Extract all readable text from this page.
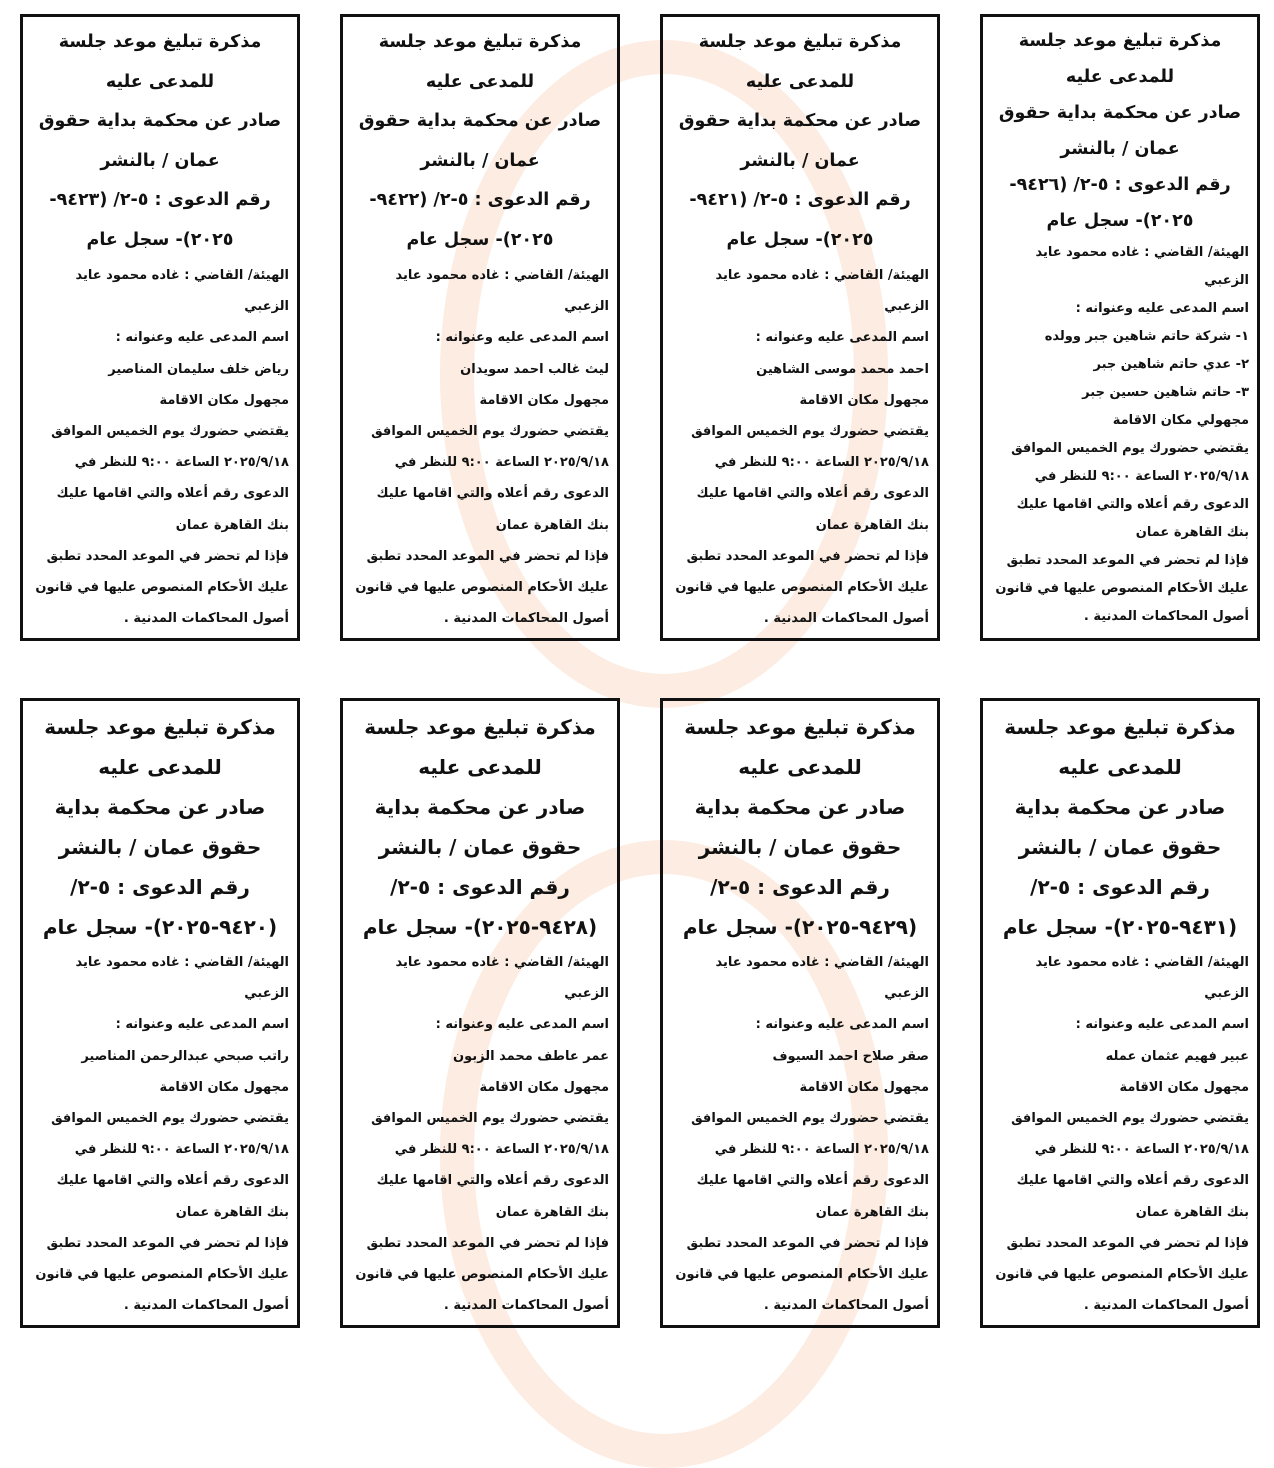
مذكرة تبليغ موعد جلسة
للمدعى عليه
صادر عن محكمة بداية حقوق
عمان / بالنشر
رقم الدعوى : ٥-٢/ (٩٤٢٣-
٢٠٢٥)- سجل عام
الهيئة/ القاضي : غاده محمود عايد
الزعبي
اسم المدعى عليه وعنوانه :
رياض خلف سليمان المناصير
مجهول مكان الاقامة
يقتضي حضورك يوم الخميس الموافق
٢٠٢٥/٩/١٨ الساعة ٩:٠٠ للنظر في
الدعوى رقم أعلاه والتي اقامها عليك
بنك القاهرة عمان
فإذا لم تحضر في الموعد المحدد تطبق
عليك الأحكام المنصوص عليها في قانون
أصول المحاكمات المدنية .
مذكرة تبليغ موعد جلسة
للمدعى عليه
صادر عن محكمة بداية حقوق
عمان / بالنشر
رقم الدعوى : ٥-٢/ (٩٤٢٢-
٢٠٢٥)- سجل عام
الهيئة/ القاضي : غاده محمود عايد
الزعبي
اسم المدعى عليه وعنوانه :
ليث غالب احمد سويدان
مجهول مكان الاقامة
يقتضي حضورك يوم الخميس الموافق
٢٠٢٥/٩/١٨ الساعة ٩:٠٠ للنظر في
الدعوى رقم أعلاه والتي اقامها عليك
بنك القاهرة عمان
فإذا لم تحضر في الموعد المحدد تطبق
عليك الأحكام المنصوص عليها في قانون
أصول المحاكمات المدنية .
مذكرة تبليغ موعد جلسة
للمدعى عليه
صادر عن محكمة بداية حقوق
عمان / بالنشر
رقم الدعوى : ٥-٢/ (٩٤٢١-
٢٠٢٥)- سجل عام
الهيئة/ القاضي : غاده محمود عايد
الزعبي
اسم المدعى عليه وعنوانه :
احمد محمد موسى الشاهين
مجهول مكان الاقامة
يقتضي حضورك يوم الخميس الموافق
٢٠٢٥/٩/١٨ الساعة ٩:٠٠ للنظر في
الدعوى رقم أعلاه والتي اقامها عليك
بنك القاهرة عمان
فإذا لم تحضر في الموعد المحدد تطبق
عليك الأحكام المنصوص عليها في قانون
أصول المحاكمات المدنية .
مذكرة تبليغ موعد جلسة
للمدعى عليه
صادر عن محكمة بداية حقوق
عمان / بالنشر
رقم الدعوى : ٥-٢/ (٩٤٢٦-
٢٠٢٥)- سجل عام
الهيئة/ القاضي : غاده محمود عايد
الزعبي
اسم المدعى عليه وعنوانه :
١- شركة حاتم شاهين جبر وولده
٢- عدي حاتم شاهين جبر
٣- حاتم شاهين حسين جبر
مجهولي مكان الاقامة
يقتضي حضورك يوم الخميس الموافق
٢٠٢٥/٩/١٨ الساعة ٩:٠٠ للنظر في
الدعوى رقم أعلاه والتي اقامها عليك
بنك القاهرة عمان
فإذا لم تحضر في الموعد المحدد تطبق
عليك الأحكام المنصوص عليها في قانون
أصول المحاكمات المدنية .
مذكرة تبليغ موعد جلسة
للمدعى عليه
صادر عن محكمة بداية
حقوق عمان / بالنشر
رقم الدعوى : ٥-٢/
(٩٤٢٠-٢٠٢٥)- سجل عام
الهيئة/ القاضي : غاده محمود عايد
الزعبي
اسم المدعى عليه وعنوانه :
راتب صبحي عبدالرحمن المناصير
مجهول مكان الاقامة
يقتضي حضورك يوم الخميس الموافق
٢٠٢٥/٩/١٨ الساعة ٩:٠٠ للنظر في
الدعوى رقم أعلاه والتي اقامها عليك
بنك القاهرة عمان
فإذا لم تحضر في الموعد المحدد تطبق
عليك الأحكام المنصوص عليها في قانون
أصول المحاكمات المدنية .
مذكرة تبليغ موعد جلسة
للمدعى عليه
صادر عن محكمة بداية
حقوق عمان / بالنشر
رقم الدعوى : ٥-٢/
(٩٤٢٨-٢٠٢٥)- سجل عام
الهيئة/ القاضي : غاده محمود عايد
الزعبي
اسم المدعى عليه وعنوانه :
عمر عاطف محمد الزبون
مجهول مكان الاقامة
يقتضي حضورك يوم الخميس الموافق
٢٠٢٥/٩/١٨ الساعة ٩:٠٠ للنظر في
الدعوى رقم أعلاه والتي اقامها عليك
بنك القاهرة عمان
فإذا لم تحضر في الموعد المحدد تطبق
عليك الأحكام المنصوص عليها في قانون
أصول المحاكمات المدنية .
مذكرة تبليغ موعد جلسة
للمدعى عليه
صادر عن محكمة بداية
حقوق عمان / بالنشر
رقم الدعوى : ٥-٢/
(٩٤٢٩-٢٠٢٥)- سجل عام
الهيئة/ القاضي : غاده محمود عايد
الزعبي
اسم المدعى عليه وعنوانه :
صقر صلاح احمد السيوف
مجهول مكان الاقامة
يقتضي حضورك يوم الخميس الموافق
٢٠٢٥/٩/١٨ الساعة ٩:٠٠ للنظر في
الدعوى رقم أعلاه والتي اقامها عليك
بنك القاهرة عمان
فإذا لم تحضر في الموعد المحدد تطبق
عليك الأحكام المنصوص عليها في قانون
أصول المحاكمات المدنية .
مذكرة تبليغ موعد جلسة
للمدعى عليه
صادر عن محكمة بداية
حقوق عمان / بالنشر
رقم الدعوى : ٥-٢/
(٩٤٣١-٢٠٢٥)- سجل عام
الهيئة/ القاضي : غاده محمود عايد
الزعبي
اسم المدعى عليه وعنوانه :
عبير فهيم عثمان عمله
مجهول مكان الاقامة
يقتضي حضورك يوم الخميس الموافق
٢٠٢٥/٩/١٨ الساعة ٩:٠٠ للنظر في
الدعوى رقم أعلاه والتي اقامها عليك
بنك القاهرة عمان
فإذا لم تحضر في الموعد المحدد تطبق
عليك الأحكام المنصوص عليها في قانون
أصول المحاكمات المدنية .
